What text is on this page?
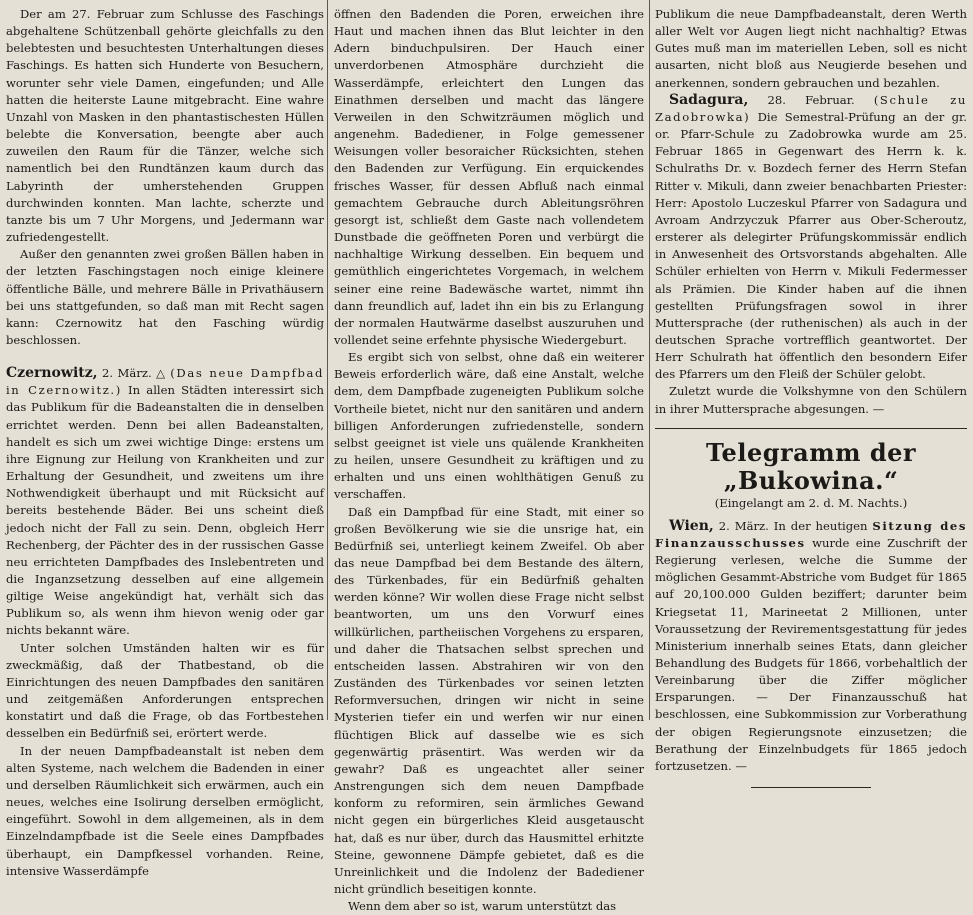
Der am 27. Februar zum Schlusse des Faschings abgehaltene Schützenball gehörte gleichfalls zu den belebtesten und besuchtesten Unterhaltungen dieses Faschings. Es hatten sich Hunderte von Besuchern, worunter sehr viele Damen, eingefunden; und Alle hatten die heiterste Laune mitgebracht. Eine wahre Unzahl von Masken in den phantastischesten Hüllen belebte die Konversation, beengte aber auch zuweilen den Raum für die Tänzer, welche sich namentlich bei den Rundtänzen kaum durch das Labyrinth der umherstehenden Gruppen durchwinden konnten. Man lachte, scherzte und tanzte bis um 7 Uhr Morgens, und Jedermann war zufriedengestellt.

Außer den genannten zwei großen Bällen haben in der letzten Faschingstagen noch einige kleinere öffentliche Bälle, und mehrere Bälle in Privathäusern bei uns stattgefunden, so daß man mit Recht sagen kann: Czernowitz hat den Fasching würdig beschlossen.

Czernowitz, 2. März. △ (Das neue Dampfbad in Czernowitz.) In allen Städten interessirt sich das Publikum für die Badeanstalten die in denselben errichtet werden. Denn bei allen Badeanstalten, handelt es sich um zwei wichtige Dinge: erstens um ihre Eignung zur Heilung von Krankheiten und zur Erhaltung der Gesundheit, und zweitens um ihre Nothwendigkeit überhaupt und mit Rücksicht auf bereits bestehende Bäder. Bei uns scheint dieß jedoch nicht der Fall zu sein. Denn, obgleich Herr Rechenberg, der Pächter des in der russischen Gasse neu errichteten Dampfbades des Inslebentreten und die Inganzsetzung desselben auf eine allgemein giltige Weise angekündigt hat, verhält sich das Publikum so, als wenn ihm hievon wenig oder gar nichts bekannt wäre.

Unter solchen Umständen halten wir es für zweckmäßig, daß der Thatbestand, ob die Einrichtungen des neuen Dampfbades den sanitären und zeitgemäßen Anforderungen entsprechen konstatirt und daß die Frage, ob das Fortbestehen desselben ein Bedürfniß sei, erörtert werde.

In der neuen Dampfbadeanstalt ist neben dem alten Systeme, nach welchem die Badenden in einer und derselben Räumlichkeit sich erwärmen, auch ein neues, welches eine Isolirung derselben ermöglicht, eingeführt. Sowohl in dem allgemeinen, als in dem Einzelndampfbade ist die Seele eines Dampfbades überhaupt, ein Dampfkessel vorhanden. Reine, intensive Wasserdämpfe

öffnen den Badenden die Poren, erweichen ihre Haut und machen ihnen das Blut leichter in den Adern binduchpulsiren. Der Hauch einer unverdorbenen Atmosphäre durchzieht die Wasserdämpfe, erleichtert den Lungen das Einathmen derselben und macht das längere Verweilen in den Schwitzräumen möglich und angenehm. Badediener, in Folge gemessener Weisungen voller besoraicher Rücksichten, stehen den Badenden zur Verfügung. Ein erquickendes frisches Wasser, für dessen Abfluß nach einmal gemachtem Gebrauche durch Ableitungsröhren gesorgt ist, schließt dem Gaste nach vollendetem Dunstbade die geöffneten Poren und verbürgt die nachhaltige Wirkung desselben. Ein bequem und gemüthlich eingerichtetes Vorgemach, in welchem seiner eine reine Badewäsche wartet, nimmt ihn dann freundlich auf, ladet ihn ein bis zu Erlangung der normalen Hautwärme daselbst auszuruhen und vollendet seine erfehnte physische Wiedergeburt.

Es ergibt sich von selbst, ohne daß ein weiterer Beweis erforderlich wäre, daß eine Anstalt, welche dem, dem Dampfbade zugeneigten Publikum solche Vortheile bietet, nicht nur den sanitären und andern billigen Anforderungen zufriedenstelle, sondern selbst geeignet ist viele uns quälende Krankheiten zu heilen, unsere Gesundheit zu kräftigen und zu erhalten und uns einen wohlthätigen Genuß zu verschaffen.

Daß ein Dampfbad für eine Stadt, mit einer so großen Bevölkerung wie sie die unsrige hat, ein Bedürfniß sei, unterliegt keinem Zweifel. Ob aber das neue Dampfbad bei dem Bestande des ältern, des Türkenbades, für ein Bedürfniß gehalten werden könne? Wir wollen diese Frage nicht selbst beantworten, um uns den Vorwurf eines willkürlichen, partheiischen Vorgehens zu ersparen, und daher die Thatsachen selbst sprechen und entscheiden lassen. Abstrahiren wir von den Zuständen des Türkenbades vor seinen letzten Reformversuchen, dringen wir nicht in seine Mysterien tiefer ein und werfen wir nur einen flüchtigen Blick auf dasselbe wie es sich gegenwärtig präsentirt. Was werden wir da gewahr? Daß es ungeachtet aller seiner Anstrengungen sich dem neuen Dampfbade konform zu reformiren, sein ärmliches Gewand nicht gegen ein bürgerliches Kleid ausgetauscht hat, daß es nur über, durch das Hausmittel erhitzte Steine, gewonnene Dämpfe gebietet, daß es die Unreinlichkeit und die Indolenz der Badediener nicht gründlich beseitigen konnte.

Wenn dem aber so ist, warum unterstützt das

Publikum die neue Dampfbadeanstalt, deren Werth aller Welt vor Augen liegt nicht nachhaltig? Etwas Gutes muß man im materiellen Leben, soll es nicht ausarten, nicht bloß aus Neugierde besehen und anerkennen, sondern gebrauchen und bezahlen.

Sadagura, 28. Februar. (Schule zu Zadobrowka) Die Semestral-Prüfung an der gr. or. Pfarr-Schule zu Zadobrowka wurde am 25. Februar 1865 in Gegenwart des Herrn k. k. Schulraths Dr. v. Bozdech ferner des Herrn Stefan Ritter v. Mikuli, dann zweier benachbarten Priester: Herr: Apostolo Luczeskul Pfarrer von Sadagura und Avroam Andrzyczuk Pfarrer aus Ober-Scheroutz, ersterer als delegirter Prüfungskommissär endlich in Anwesenheit des Ortsvorstands abgehalten. Alle Schüler erhielten von Herrn v. Mikuli Federmesser als Prämien. Die Kinder haben auf die ihnen gestellten Prüfungsfragen sowol in ihrer Muttersprache (der ruthenischen) als auch in der deutschen Sprache vortrefflich geantwortet. Der Herr Schulrath hat öffentlich den besondern Eifer des Pfarrers um den Fleiß der Schüler gelobt.

Zuletzt wurde die Volkshymne von den Schülern in ihrer Muttersprache abgesungen. —

Telegramm der „Bukowina.“
(Eingelangt am 2. d. M. Nachts.)

Wien, 2. März. In der heutigen Sitzung des Finanzausschusses wurde eine Zuschrift der Regierung verlesen, welche die Summe der möglichen Gesammt-Abstriche vom Budget für 1865 auf 20,100.000 Gulden beziffert; darunter beim Kriegsetat 11, Marineetat 2 Millionen, unter Voraussetzung der Revirementsgestattung für jedes Ministerium innerhalb seines Etats, dann gleicher Behandlung des Budgets für 1866, vorbehaltlich der Vereinbarung über die Ziffer möglicher Ersparungen. — Der Finanzausschuß hat beschlossen, eine Subkommission zur Vorberathung der obigen Regierungsnote einzusetzen; die Berathung der Einzelnbudgets für 1865 jedoch fortzusetzen. —
